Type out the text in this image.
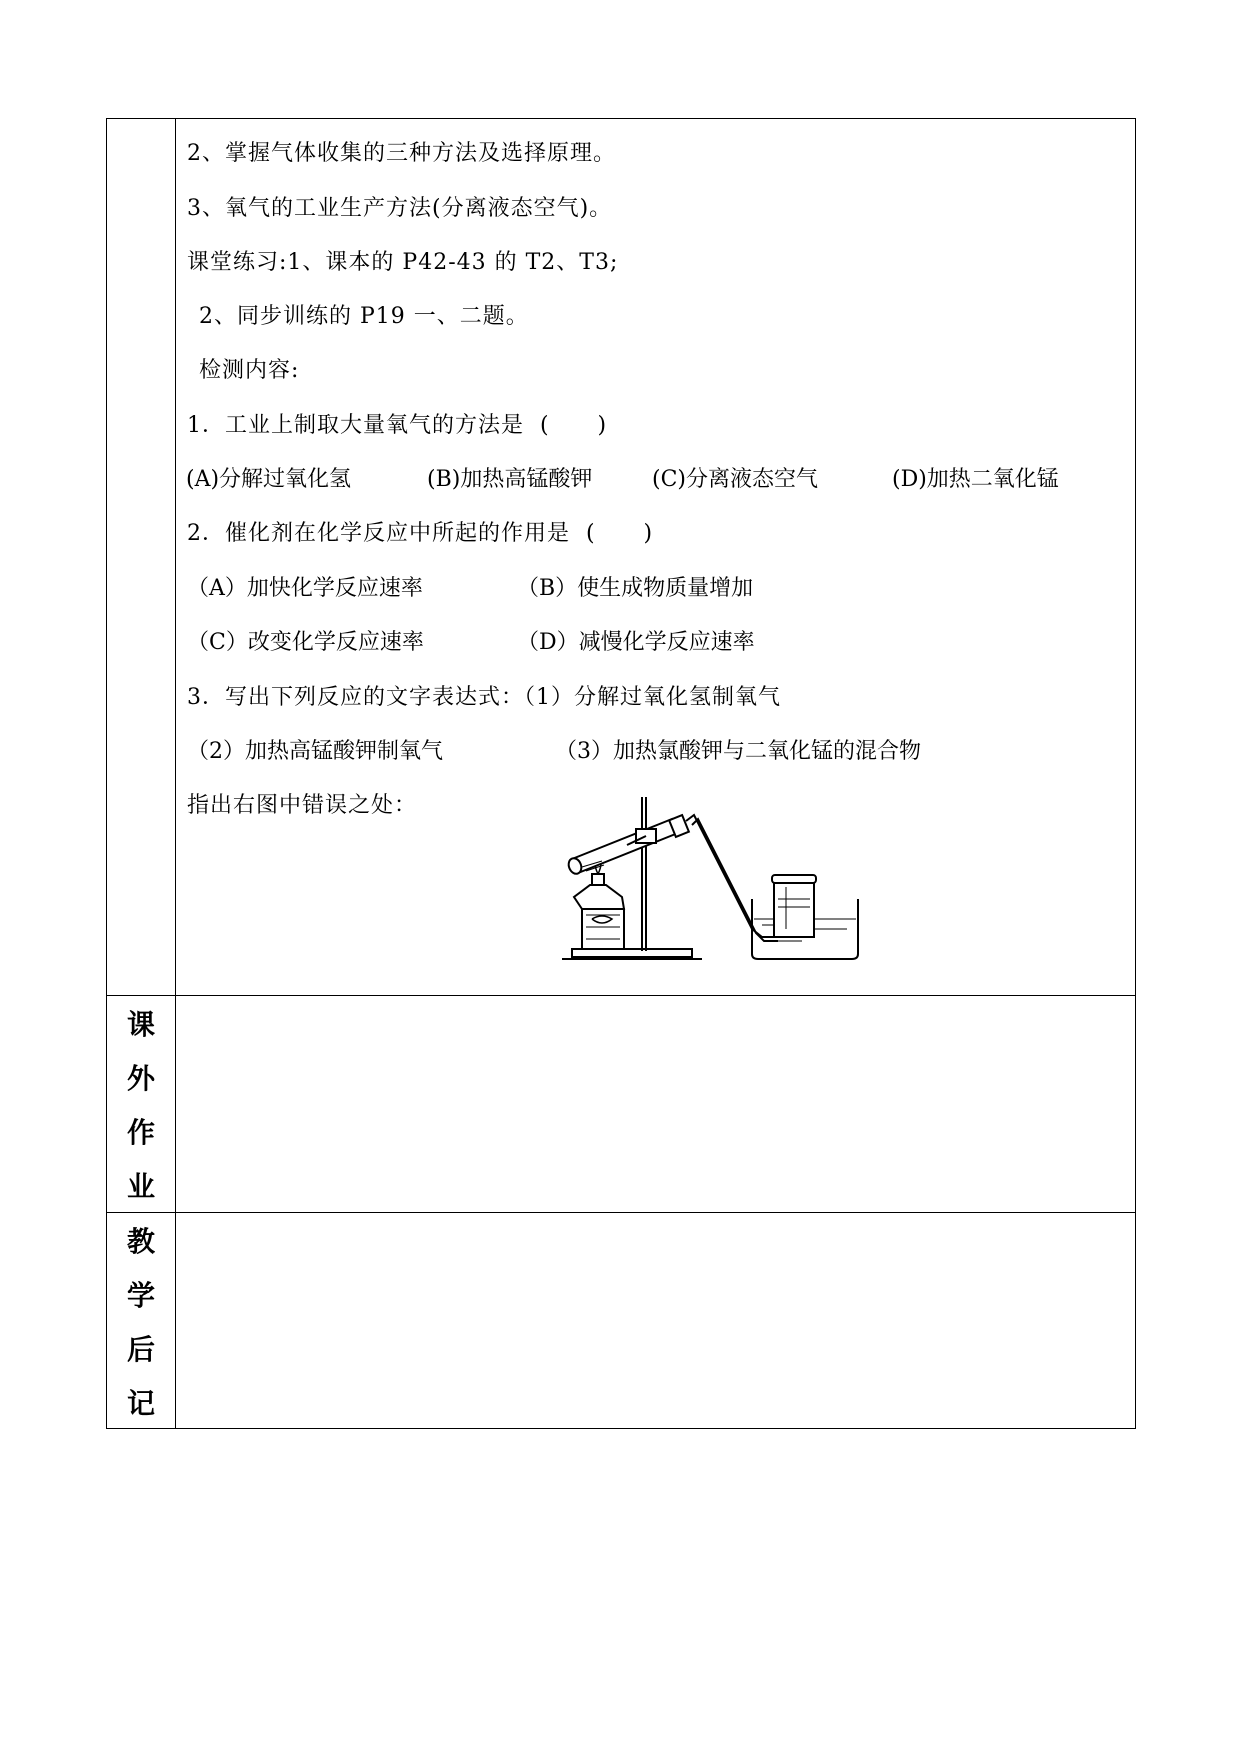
2、掌握气体收集的三种方法及选择原理。
3、氧气的工业生产方法(分离液态空气)。
课堂练习:1、课本的 P42-43 的 T2、T3;
2、同步训练的 P19 一、二题。
检测内容:
1．工业上制取大量氧气的方法是  (      )
(A)分解过氧化氢	(B)加热高锰酸钾	(C)分离液态空气	(D)加热二氧化锰
2．催化剂在化学反应中所起的作用是  (      )
（A）加快化学反应速率	（B）使生成物质量增加
（C）改变化学反应速率	（D）减慢化学反应速率
3．写出下列反应的文字表达式：（1）分解过氧化氢制氧气
（2）加热高锰酸钾制氧气	（3）加热氯酸钾与二氧化锰的混合物
指出右图中错误之处：
课
外
作
业
教
学
后
记
